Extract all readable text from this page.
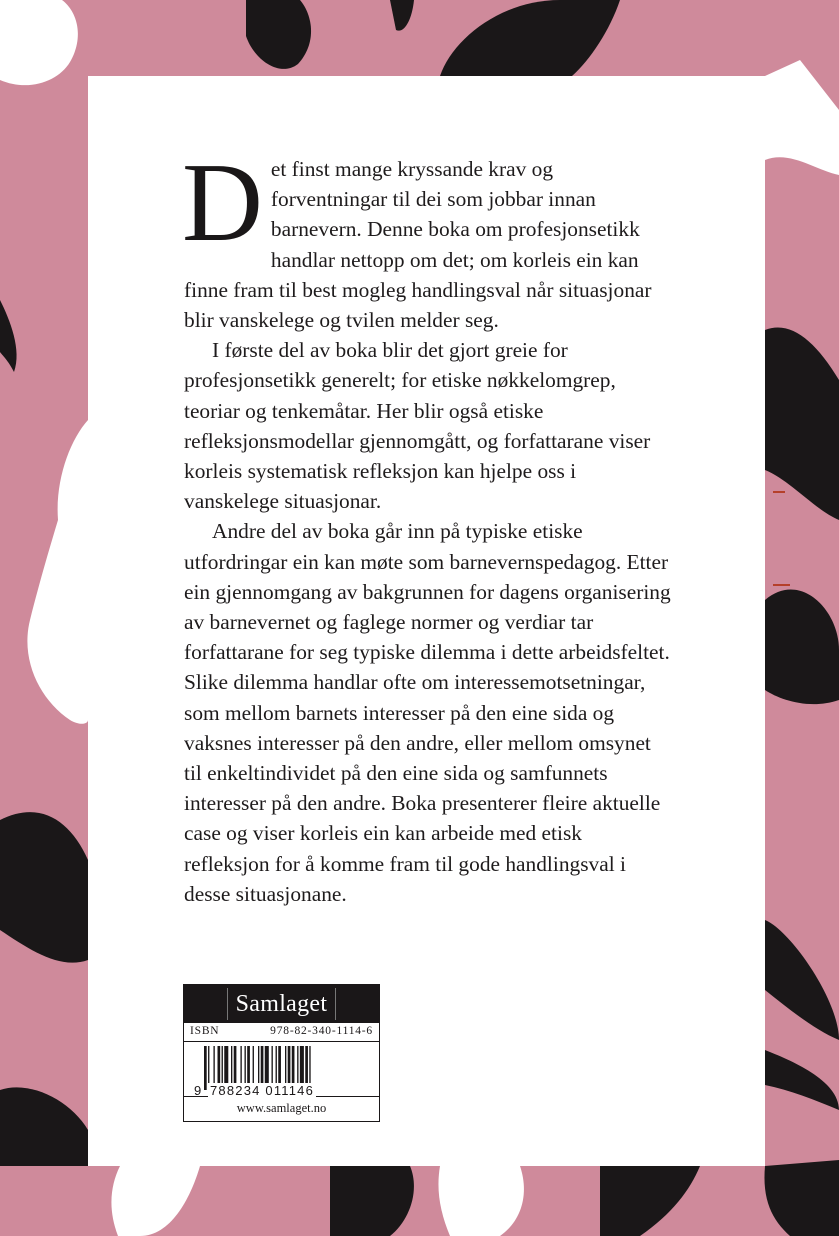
Det finst mange kryssande krav og forventningar til dei som jobbar innan barnevern. Denne boka om profesjonsetikk handlar nettopp om det; om korleis ein kan finne fram til best mogleg handlingsval når situasjonar blir vanskelege og tvilen melder seg.

I første del av boka blir det gjort greie for profesjonsetikk generelt; for etiske nøkkelomgrep, teoriar og tenkemåtar. Her blir også etiske refleksjonsmodellar gjennomgått, og forfattarane viser korleis systematisk refleksjon kan hjelpe oss i vanskelege situasjonar.

Andre del av boka går inn på typiske etiske utfordringar ein kan møte som barnevernspedagog. Etter ein gjennomgang av bakgrunnen for dagens organisering av barnevernet og faglege normer og verdiar tar forfattarane for seg typiske dilemma i dette arbeidsfeltet. Slike dilemma handlar ofte om interessemotsetningar, som mellom barnets interesser på den eine sida og vaksnes interesser på den andre, eller mellom omsynet til enkeltindividet på den eine sida og samfunnets interesser på den andre. Boka presenterer fleire aktuelle case og viser korleis ein kan arbeide med etisk refleksjon for å komme fram til gode handlingsval i desse situasjonane.

Samlaget
ISBN	978-82-340-1114-6
9 788234 011146
www.samlaget.no
